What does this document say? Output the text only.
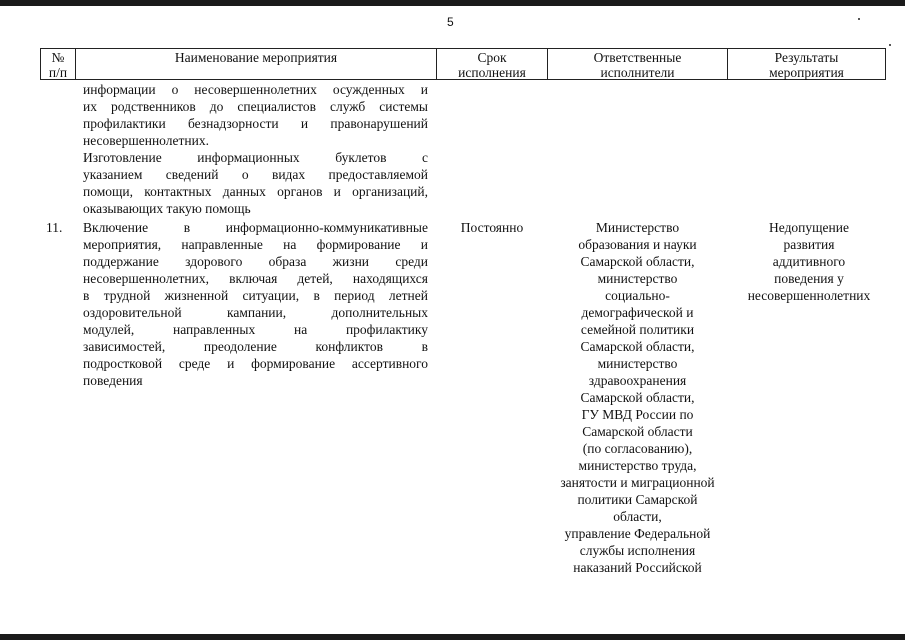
5
№
п/п
Наименование мероприятия	Срок
исполнения
Ответственные
исполнители
Результаты
мероприятия
информации о несовершеннолетних осужденных и
их родственников до специалистов служб системы
профилактики безнадзорности и правонарушений
несовершеннолетних.
Изготовление информационных буклетов с
указанием сведений о видах предоставляемой
помощи, контактных данных органов и организаций,
оказывающих такую помощь
11. Включение в информационно-коммуникативные
мероприятия, направленные на формирование и
поддержание здорового образа жизни среди
несовершеннолетних, включая детей, находящихся
в трудной жизненной ситуации, в период летней
оздоровительной кампании, дополнительных
модулей, направленных на профилактику
зависимостей, преодоление конфликтов в
подростковой среде и формирование ассертивного
поведения
Постоянно	Министерство
образования и науки
Самарской области,
министерство
социально-
демографической и
семейной политики
Самарской области,
министерство
здравоохранения
Самарской области,
ГУ МВД России по
Самарской области
(по согласованию),
министерство труда,
занятости и миграционной
политики Самарской
области,
управление Федеральной
службы исполнения
наказаний Российской
Недопущение
развития
аддитивного
поведения у
несовершеннолетних
